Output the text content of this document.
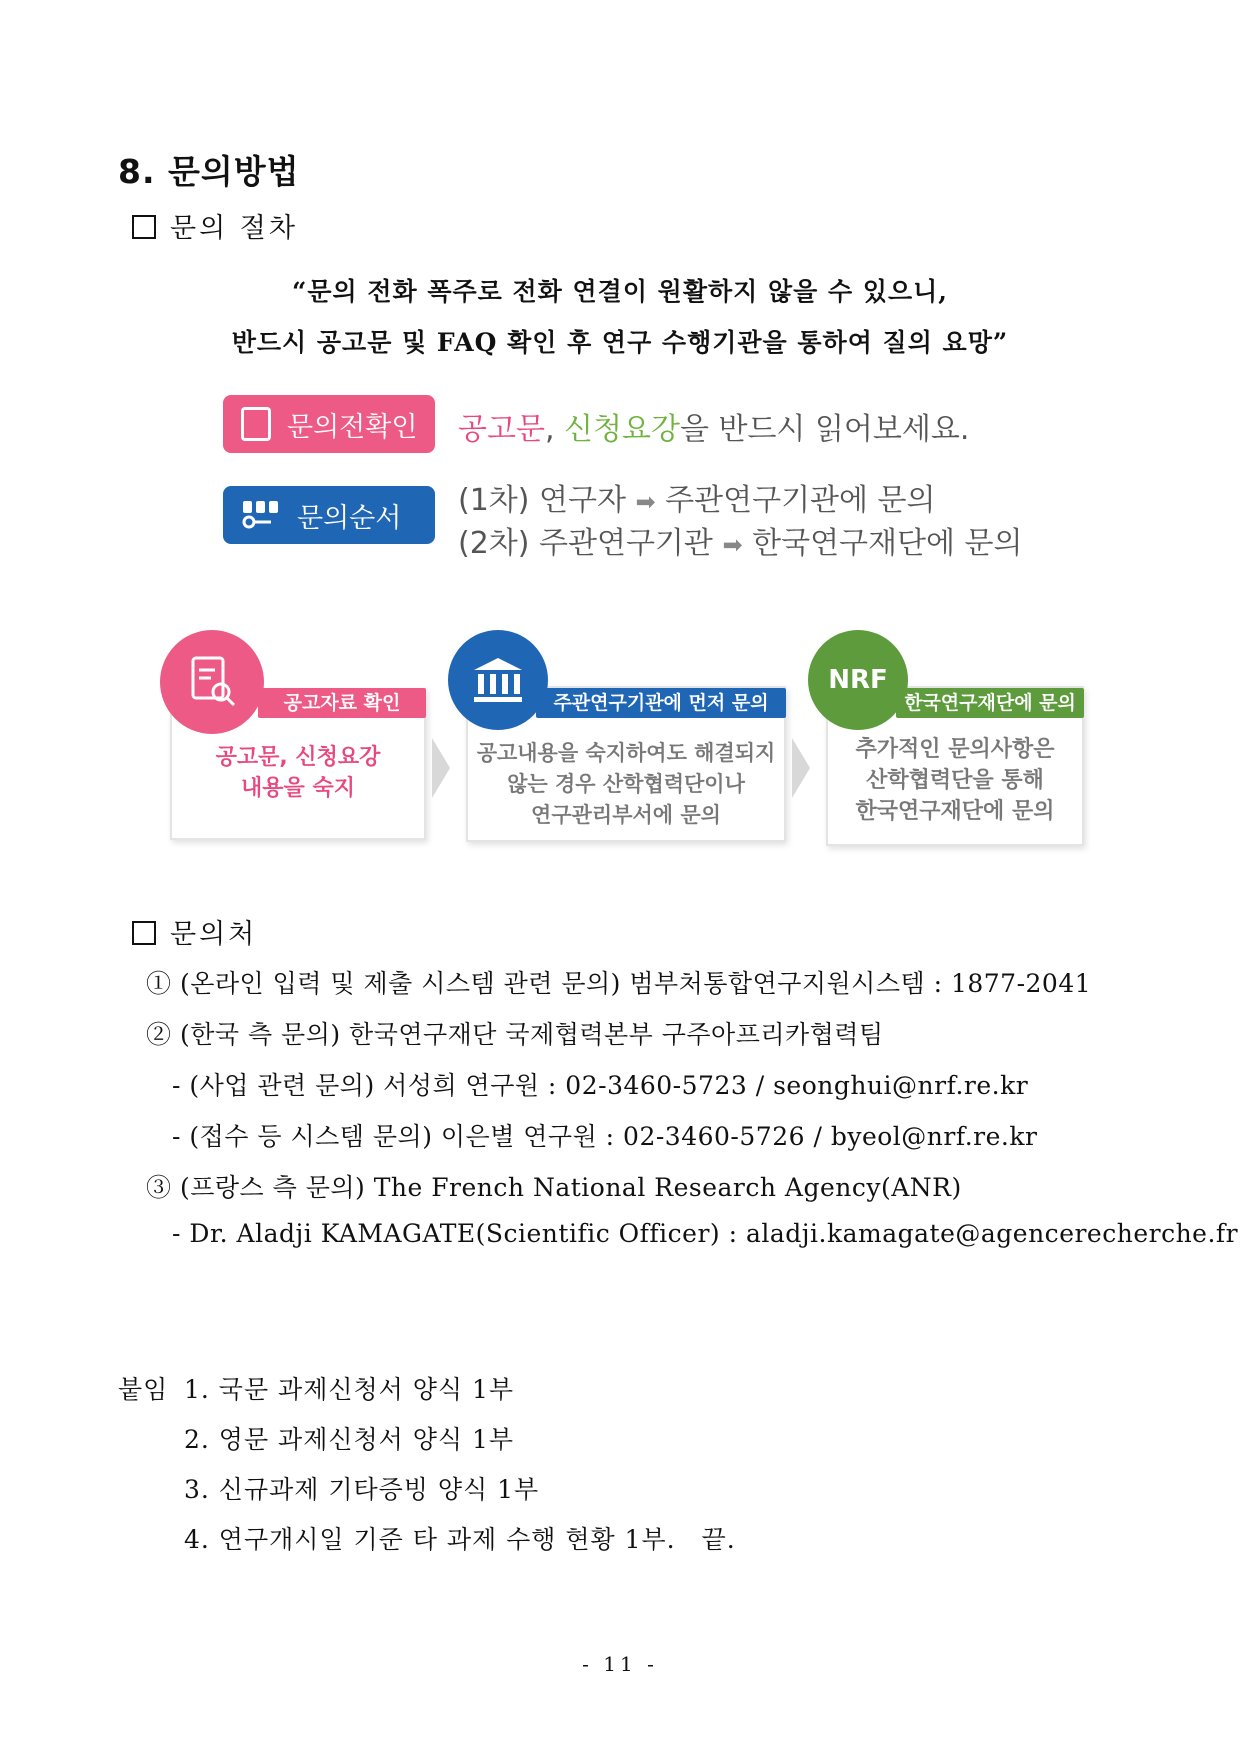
8. 문의방법
문의 절차
“문의 전화 폭주로 전화 연결이 원활하지 않을 수 있으니,
반드시 공고문 및 FAQ 확인 후 연구 수행기관을 통하여 질의 요망”
문의전확인 공고문, 신청요강을 반드시 읽어보세요.
문의순서 (1차) 연구자 ➡ 주관연구기관에 문의
(2차) 주관연구기관 ➡ 한국연구재단에 문의
공고문, 신청요강
내용을 숙지
공고자료 확인
공고내용을 숙지하여도 해결되지
않는 경우 산학협력단이나
연구관리부서에 문의
주관연구기관에 먼저 문의
추가적인 문의사항은
산학협력단을 통해
한국연구재단에 문의
한국연구재단에 문의
NRF
문의처
① (온라인 입력 및 제출 시스템 관련 문의) 범부처통합연구지원시스템 : 1877-2041
② (한국 측 문의) 한국연구재단 국제협력본부 구주아프리카협력팀
- (사업 관련 문의) 서성희 연구원 : 02-3460-5723 / seonghui@nrf.re.kr
- (접수 등 시스템 문의) 이은별 연구원 : 02-3460-5726 / byeol@nrf.re.kr
③ (프랑스 측 문의) The French National Research Agency(ANR)
- Dr. Aladji KAMAGATE(Scientific Officer) : aladji.kamagate@agencerecherche.fr
붙임 1. 국문 과제신청서 양식 1부
2. 영문 과제신청서 양식 1부
3. 신규과제 기타증빙 양식 1부
4. 연구개시일 기준 타 과제 수행 현황 1부. 끝.
- 11 -
